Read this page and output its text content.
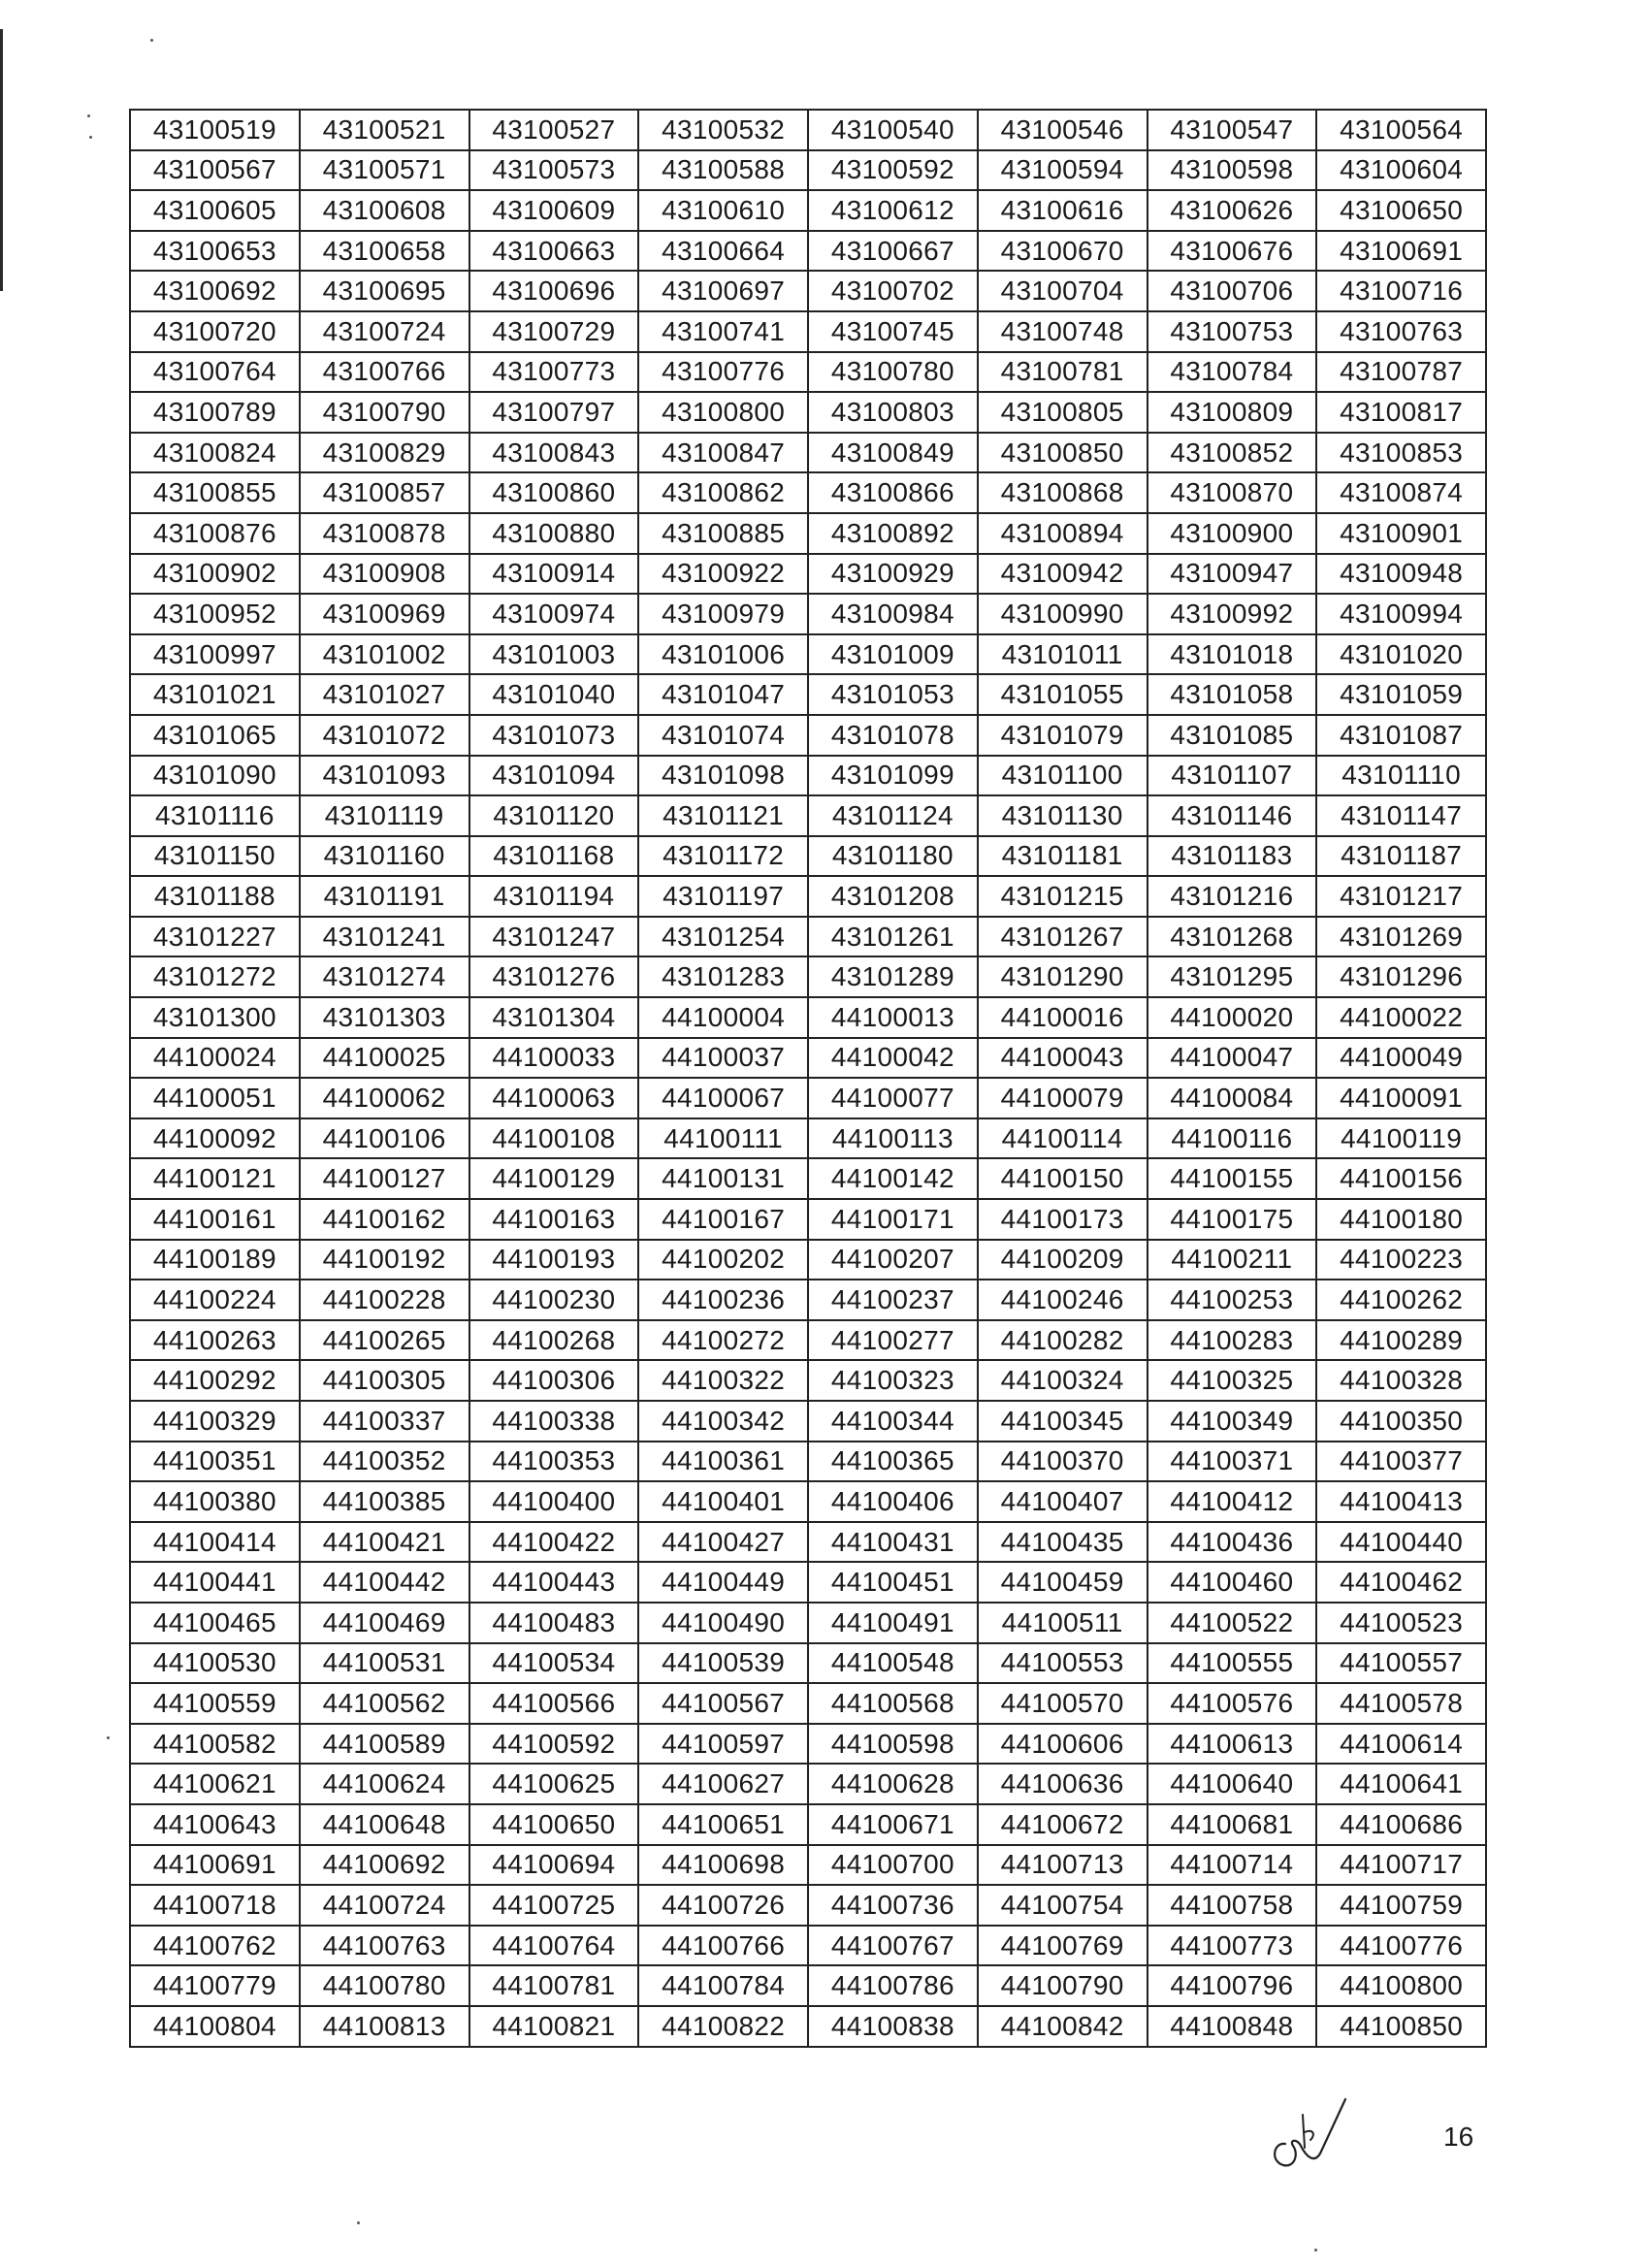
43100519	43100521	43100527	43100532	43100540	43100546	43100547	43100564
43100567	43100571	43100573	43100588	43100592	43100594	43100598	43100604
43100605	43100608	43100609	43100610	43100612	43100616	43100626	43100650
43100653	43100658	43100663	43100664	43100667	43100670	43100676	43100691
43100692	43100695	43100696	43100697	43100702	43100704	43100706	43100716
43100720	43100724	43100729	43100741	43100745	43100748	43100753	43100763
43100764	43100766	43100773	43100776	43100780	43100781	43100784	43100787
43100789	43100790	43100797	43100800	43100803	43100805	43100809	43100817
43100824	43100829	43100843	43100847	43100849	43100850	43100852	43100853
43100855	43100857	43100860	43100862	43100866	43100868	43100870	43100874
43100876	43100878	43100880	43100885	43100892	43100894	43100900	43100901
43100902	43100908	43100914	43100922	43100929	43100942	43100947	43100948
43100952	43100969	43100974	43100979	43100984	43100990	43100992	43100994
43100997	43101002	43101003	43101006	43101009	43101011	43101018	43101020
43101021	43101027	43101040	43101047	43101053	43101055	43101058	43101059
43101065	43101072	43101073	43101074	43101078	43101079	43101085	43101087
43101090	43101093	43101094	43101098	43101099	43101100	43101107	43101110
43101116	43101119	43101120	43101121	43101124	43101130	43101146	43101147
43101150	43101160	43101168	43101172	43101180	43101181	43101183	43101187
43101188	43101191	43101194	43101197	43101208	43101215	43101216	43101217
43101227	43101241	43101247	43101254	43101261	43101267	43101268	43101269
43101272	43101274	43101276	43101283	43101289	43101290	43101295	43101296
43101300	43101303	43101304	44100004	44100013	44100016	44100020	44100022
44100024	44100025	44100033	44100037	44100042	44100043	44100047	44100049
44100051	44100062	44100063	44100067	44100077	44100079	44100084	44100091
44100092	44100106	44100108	44100111	44100113	44100114	44100116	44100119
44100121	44100127	44100129	44100131	44100142	44100150	44100155	44100156
44100161	44100162	44100163	44100167	44100171	44100173	44100175	44100180
44100189	44100192	44100193	44100202	44100207	44100209	44100211	44100223
44100224	44100228	44100230	44100236	44100237	44100246	44100253	44100262
44100263	44100265	44100268	44100272	44100277	44100282	44100283	44100289
44100292	44100305	44100306	44100322	44100323	44100324	44100325	44100328
44100329	44100337	44100338	44100342	44100344	44100345	44100349	44100350
44100351	44100352	44100353	44100361	44100365	44100370	44100371	44100377
44100380	44100385	44100400	44100401	44100406	44100407	44100412	44100413
44100414	44100421	44100422	44100427	44100431	44100435	44100436	44100440
44100441	44100442	44100443	44100449	44100451	44100459	44100460	44100462
44100465	44100469	44100483	44100490	44100491	44100511	44100522	44100523
44100530	44100531	44100534	44100539	44100548	44100553	44100555	44100557
44100559	44100562	44100566	44100567	44100568	44100570	44100576	44100578
44100582	44100589	44100592	44100597	44100598	44100606	44100613	44100614
44100621	44100624	44100625	44100627	44100628	44100636	44100640	44100641
44100643	44100648	44100650	44100651	44100671	44100672	44100681	44100686
44100691	44100692	44100694	44100698	44100700	44100713	44100714	44100717
44100718	44100724	44100725	44100726	44100736	44100754	44100758	44100759
44100762	44100763	44100764	44100766	44100767	44100769	44100773	44100776
44100779	44100780	44100781	44100784	44100786	44100790	44100796	44100800
44100804	44100813	44100821	44100822	44100838	44100842	44100848	44100850
16
